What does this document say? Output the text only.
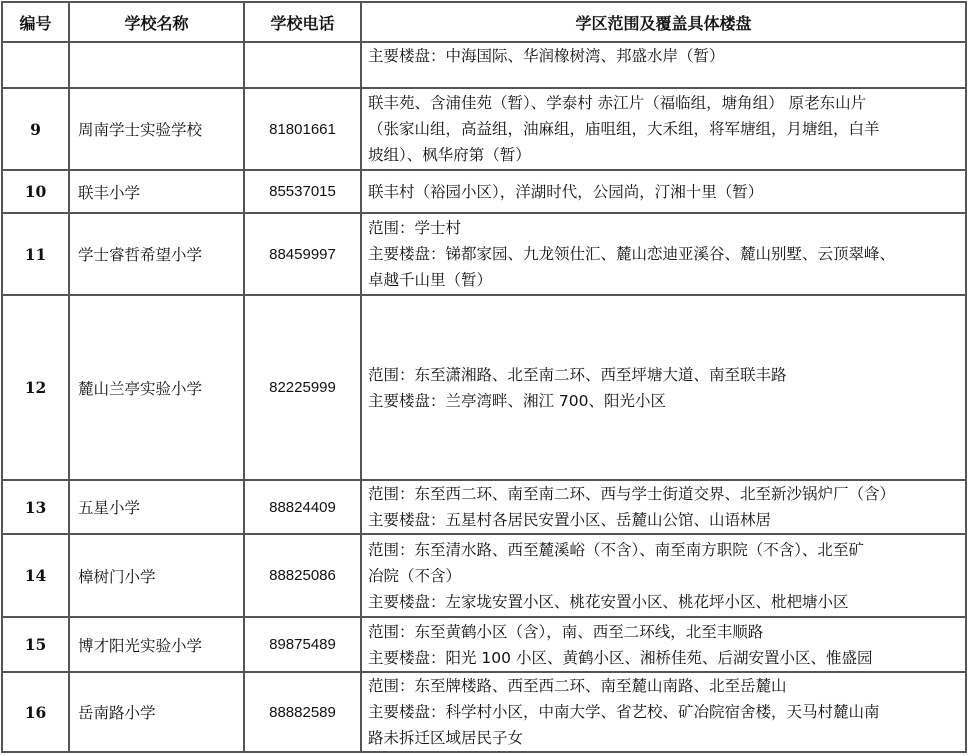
编号	学校名称	学校电话	学区范围及覆盖具体楼盘

			主要楼盘：中海国际、华润橡树湾、邦盛水岸（暂）

9	周南学士实验学校	81801661	联丰苑、含浦佳苑（暂）、学泰村 赤江片（福临组，塘角组） 原老东山片
（张家山组，高益组，油麻组，庙咀组，大禾组，将军塘组，月塘组，白羊
坡组）、枫华府第（暂）

10	联丰小学	85537015	联丰村（裕园小区），洋湖时代，公园尚，汀湘十里（暂）

11	学士睿哲希望小学	88459997	范围：学士村
主要楼盘：锑都家园、九龙领仕汇、麓山恋迪亚溪谷、麓山别墅、云顶翠峰、
卓越千山里（暂）

12	麓山兰亭实验小学	82225999	范围：东至潇湘路、北至南二环、西至坪塘大道、南至联丰路
主要楼盘：兰亭湾畔、湘江 700、阳光小区

13	五星小学	88824409	范围：东至西二环、南至南二环、西与学士街道交界、北至新沙锅炉厂（含）
主要楼盘：五星村各居民安置小区、岳麓山公馆、山语林居

14	樟树门小学	88825086	范围：东至清水路、西至麓溪峪（不含）、南至南方职院（不含）、北至矿
冶院（不含）
主要楼盘：左家垅安置小区、桃花安置小区、桃花坪小区、枇杷塘小区

15	博才阳光实验小学	89875489	范围：东至黄鹤小区（含），南、西至二环线，北至丰顺路
主要楼盘：阳光 100 小区、黄鹤小区、湘桥佳苑、后湖安置小区、惟盛园

16	岳南路小学	88882589	范围：东至牌楼路、西至西二环、南至麓山南路、北至岳麓山
主要楼盘：科学村小区，中南大学、省艺校、矿冶院宿舍楼，天马村麓山南
路未拆迁区域居民子女
